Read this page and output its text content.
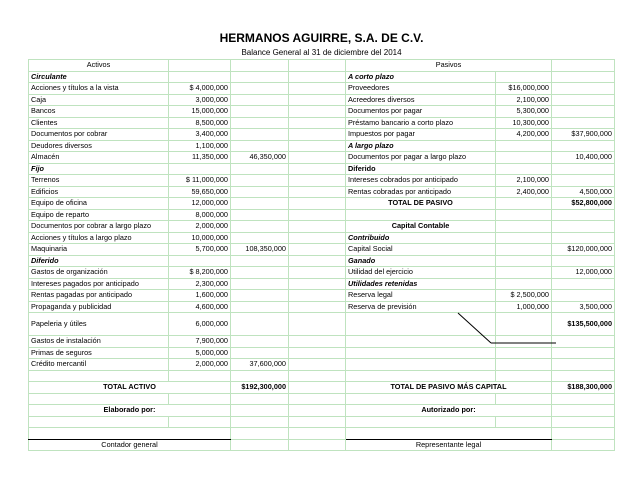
HERMANOS AGUIRRE, S.A. DE C.V.						
Balance General al 31 de diciembre del 2014						
Activos				Pasivos		
Circulante				A corto plazo		
Acciones y títulos a la vista	$ 4,000,000			Proveedores	$16,000,000	
Caja	3,000,000			Acreedores diversos	2,100,000	
Bancos	15,000,000			Documentos por pagar	5,300,000	
Clientes	8,500,000			Préstamo bancario a corto plazo	10,300,000	
Documentos por cobrar	3,400,000			Impuestos por pagar	4,200,000	$37,900,000
Deudores diversos	1,100,000			A largo plazo		
Almacén	11,350,000	46,350,000		Documentos por pagar a largo plazo		10,400,000
Fijo				Diferido		
Terrenos	$ 11,000,000			Intereses cobrados por anticipado	2,100,000	
Edificios	59,650,000			Rentas cobradas por anticipado	2,400,000	4,500,000
Equipo de oficina	12,000,000			TOTAL DE PASIVO		$52,800,000
Equipo de reparto	8,000,000					
Documentos por cobrar a largo plazo	2,000,000			Capital Contable		
Acciones y títulos a largo plazo	10,000,000			Contribuido		
Maquinaria	5,700,000	108,350,000		Capital Social		$120,000,000
Diferido				Ganado		
Gastos de organización	$ 8,200,000			Utilidad del ejercicio		12,000,000
Intereses pagados por anticipado	2,300,000			Utilidades retenidas		
Rentas pagadas por anticipado	1,600,000			Reserva legal	$ 2,500,000	
Propaganda y publicidad	4,600,000			Reserva de previsión	1,000,000	3,500,000
Papeleria y útiles	6,000,000					$135,500,000
Gastos de instalación	7,900,000					
Primas de seguros	5,000,000					
Crédito mercantil	2,000,000	37,600,000				

TOTAL ACTIVO		$192,300,000		TOTAL DE PASIVO MÁS CAPITAL		$188,300,000

Elaborado por:				Autorizado por:		

Contador general				Representante legal		
